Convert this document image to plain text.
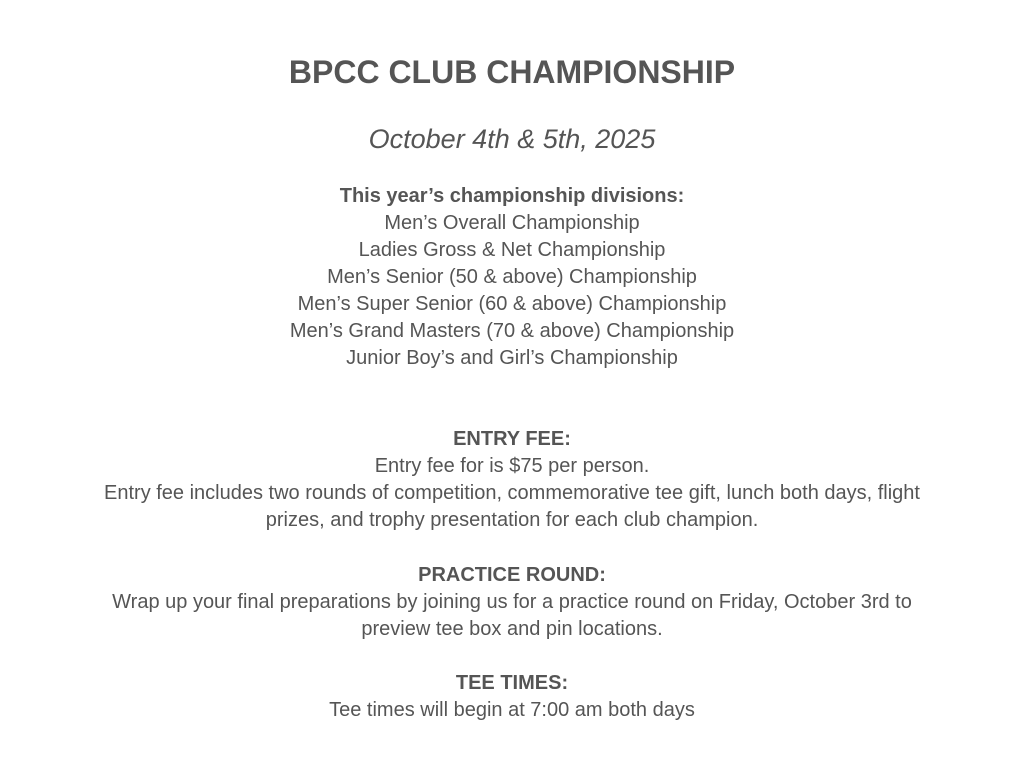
BPCC CLUB CHAMPIONSHIP

October 4th & 5th, 2025

This year’s championship divisions:
Men’s Overall Championship
Ladies Gross & Net Championship
Men’s Senior (50 & above) Championship
Men’s Super Senior (60 & above) Championship
Men’s Grand Masters (70 & above) Championship
Junior Boy’s and Girl’s Championship
ENTRY FEE:
Entry fee for is $75 per person.
Entry fee includes two rounds of competition, commemorative tee gift, lunch both days, flight
prizes, and trophy presentation for each club champion.
PRACTICE ROUND:
Wrap up your final preparations by joining us for a practice round on Friday, October 3rd to
preview tee box and pin locations.
TEE TIMES:
Tee times will begin at 7:00 am both days
